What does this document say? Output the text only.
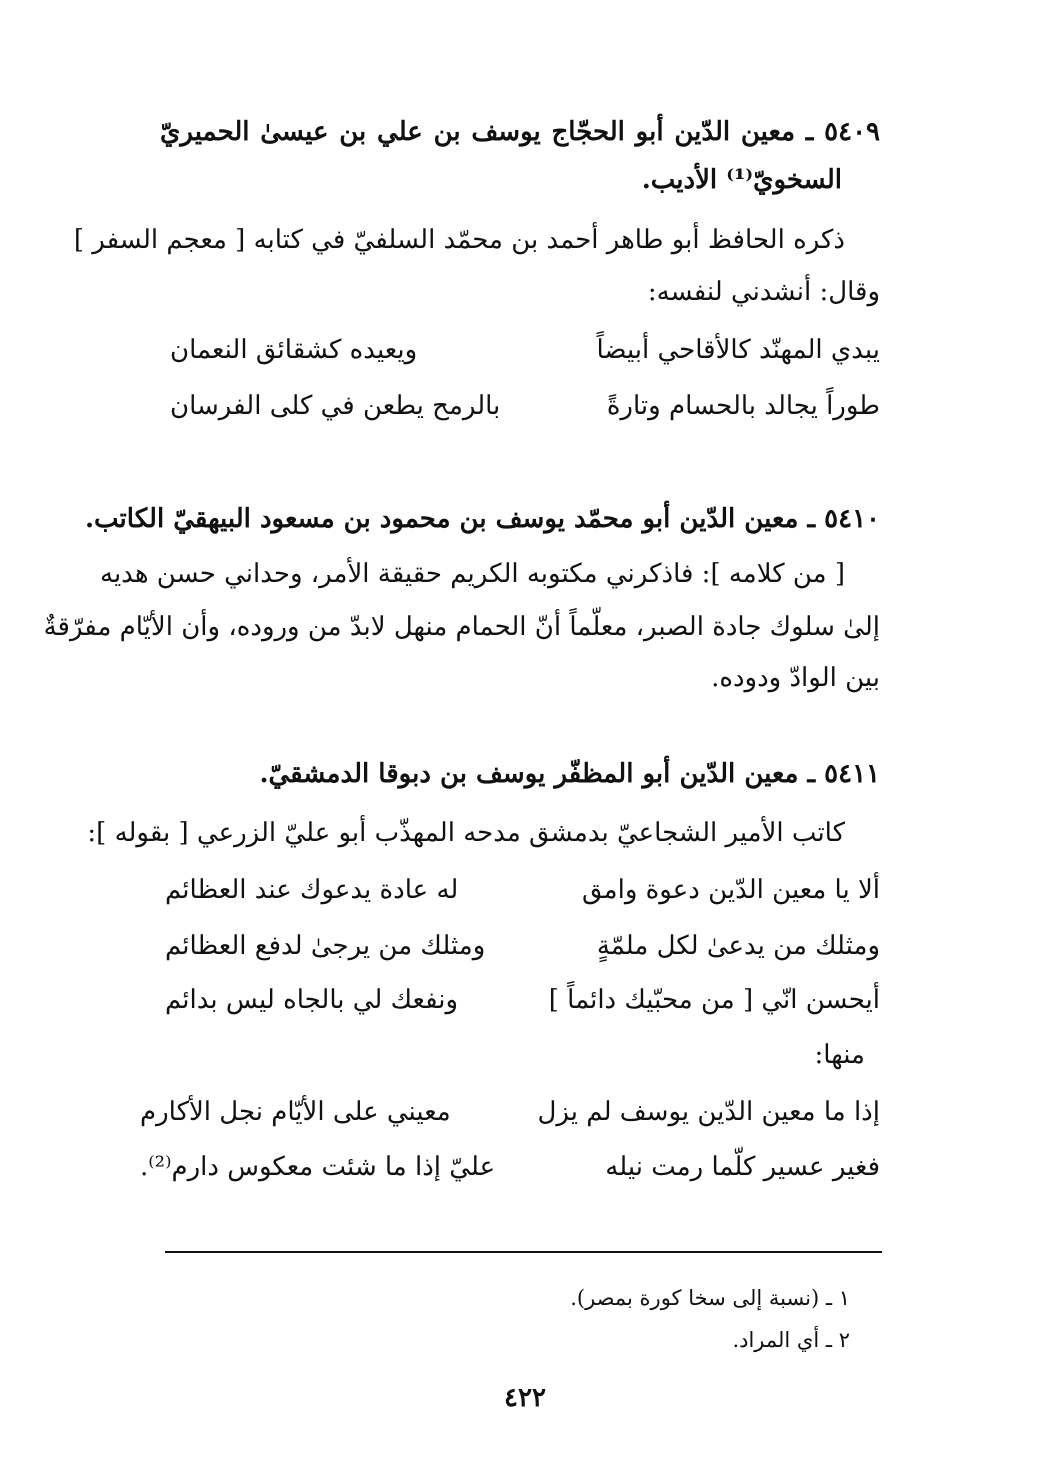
٥٤٠٩ ـ معين الدّين أبو الحجّاج يوسف بن علي بن عيسىٰ الحميريّ
السخويّ⁽¹⁾ الأديب.
ذكره الحافظ أبو طاهر أحمد بن محمّد السلفيّ في كتابه [ معجم السفر ]
وقال: أنشدني لنفسه:
يبدي المهنّد كالأقاحي أبيضاً
ويعيده كشقائق النعمان
طوراً يجالد بالحسام وتارةً
بالرمح يطعن في كلى الفرسان
٥٤١٠ ـ معين الدّين أبو محمّد يوسف بن محمود بن مسعود البيهقيّ الكاتب.
[ من كلامه ]: فاذكرني مكتوبه الكريم حقيقة الأمر، وحداني حسن هديه
إلىٰ سلوك جادة الصبر، معلّماً أنّ الحمام منهل لابدّ من وروده، وأن الأيّام مفرّقةٌ
بين الوادّ ودوده.
٥٤١١ ـ معين الدّين أبو المظفّر يوسف بن دبوقا الدمشقيّ.
كاتب الأمير الشجاعيّ بدمشق مدحه المهذّب أبو عليّ الزرعي [ بقوله ]:
ألا يا معين الدّين دعوة وامق
له عادة يدعوك عند العظائم
ومثلك من يدعىٰ لكل ملمّةٍ
ومثلك من يرجىٰ لدفع العظائم
أيحسن انّي [ من محبّيك دائماً ]
ونفعك لي بالجاه ليس بدائم
منها:
إذا ما معين الدّين يوسف لم يزل
معيني على الأيّام نجل الأكارم
فغير عسير كلّما رمت نيله
عليّ إذا ما شئت معكوس دارم⁽²⁾.
١ ـ (نسبة إلى سخا كورة بمصر).
٢ ـ أي المراد.
٤٢٢
